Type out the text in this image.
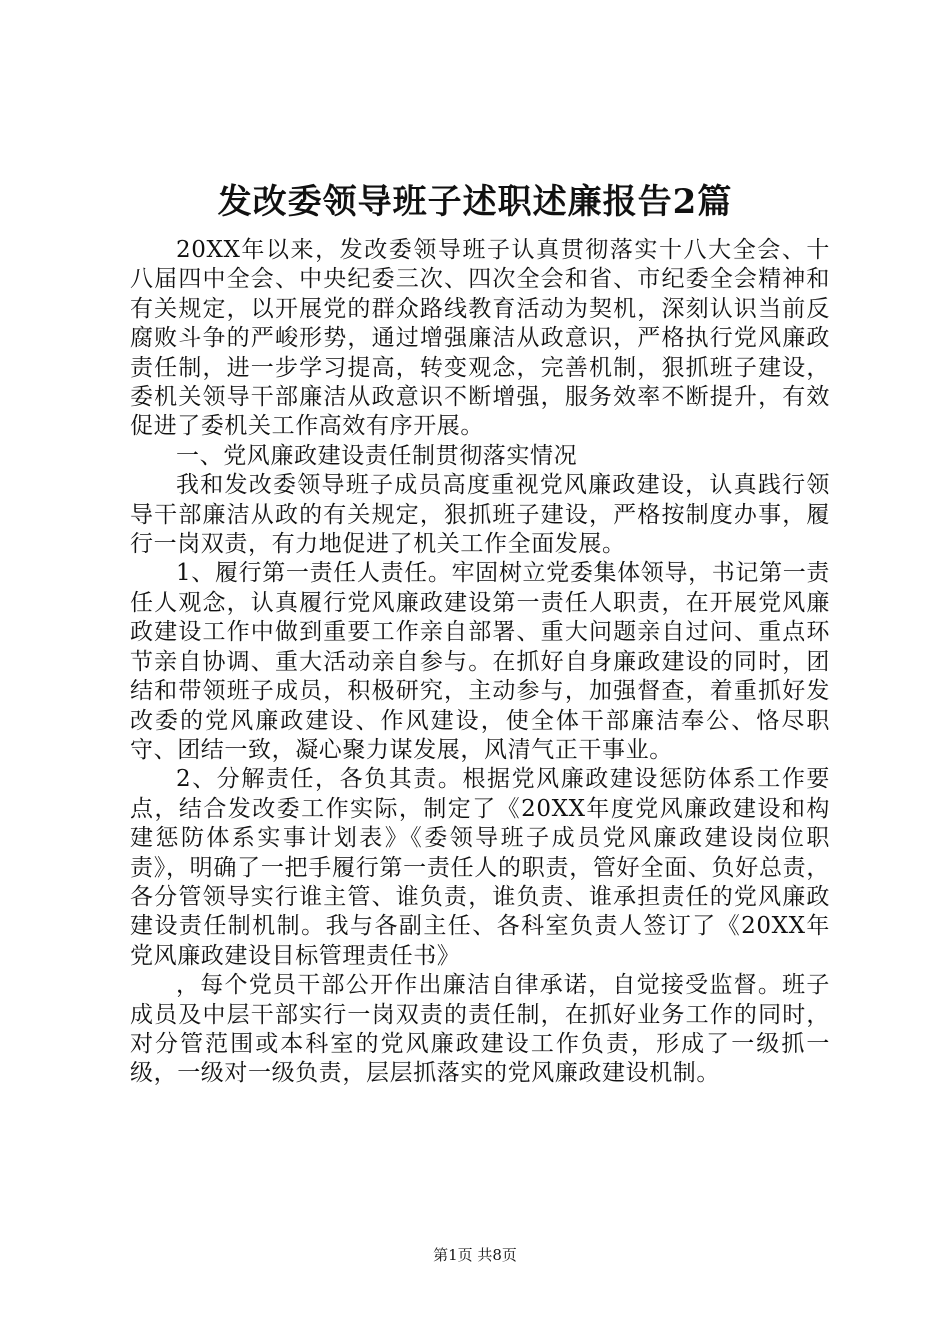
发改委领导班子述职述廉报告2篇

20XX年以来，发改委领导班子认真贯彻落实十八大全会、十八届四中全会、中央纪委三次、四次全会和省、市纪委全会精神和有关规定，以开展党的群众路线教育活动为契机，深刻认识当前反腐败斗争的严峻形势，通过增强廉洁从政意识，严格执行党风廉政责任制，进一步学习提高，转变观念，完善机制，狠抓班子建设，委机关领导干部廉洁从政意识不断增强，服务效率不断提升，有效促进了委机关工作高效有序开展。

一、党风廉政建设责任制贯彻落实情况

我和发改委领导班子成员高度重视党风廉政建设，认真践行领导干部廉洁从政的有关规定，狠抓班子建设，严格按制度办事，履行一岗双责，有力地促进了机关工作全面发展。

1、履行第一责任人责任。牢固树立党委集体领导，书记第一责任人观念，认真履行党风廉政建设第一责任人职责，在开展党风廉政建设工作中做到重要工作亲自部署、重大问题亲自过问、重点环节亲自协调、重大活动亲自参与。在抓好自身廉政建设的同时，团结和带领班子成员，积极研究，主动参与，加强督查，着重抓好发改委的党风廉政建设、作风建设，使全体干部廉洁奉公、恪尽职守、团结一致，凝心聚力谋发展，风清气正干事业。

2、分解责任，各负其责。根据党风廉政建设惩防体系工作要点，结合发改委工作实际，制定了《20XX年度党风廉政建设和构建惩防体系实事计划表》《委领导班子成员党风廉政建设岗位职责》，明确了一把手履行第一责任人的职责，管好全面、负好总责，各分管领导实行谁主管、谁负责，谁负责、谁承担责任的党风廉政建设责任制机制。我与各副主任、各科室负责人签订了《20XX年党风廉政建设目标管理责任书》

，每个党员干部公开作出廉洁自律承诺，自觉接受监督。班子成员及中层干部实行一岗双责的责任制，在抓好业务工作的同时，对分管范围或本科室的党风廉政建设工作负责，形成了一级抓一级，一级对一级负责，层层抓落实的党风廉政建设机制。

第1页 共8页
